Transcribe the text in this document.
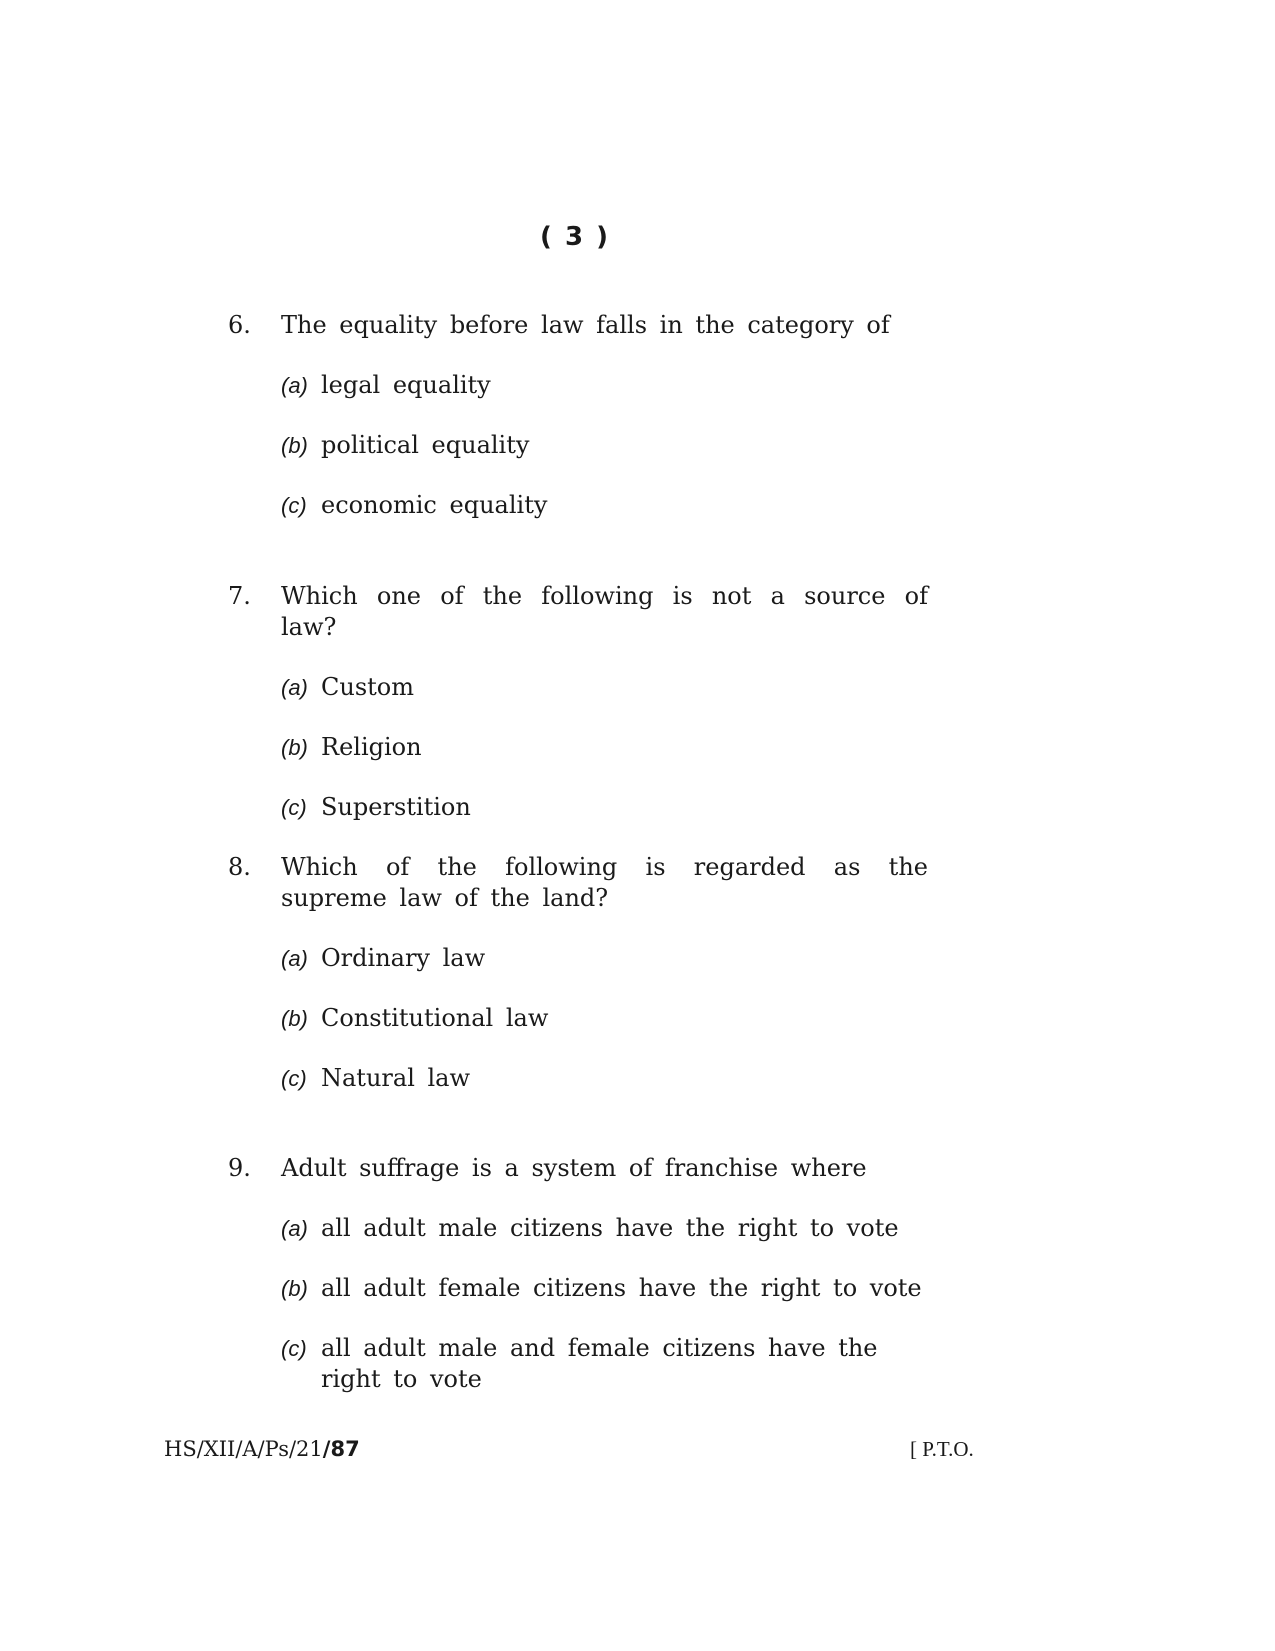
( 3 )
6.	The equality before law falls in the category of
(a) legal equality
(b) political equality
(c) economic equality
7.	Which one of the following is not a source of law?
(a) Custom
(b) Religion
(c) Superstition
8.	Which of the following is regarded as the supreme law of the land?
(a) Ordinary law
(b) Constitutional law
(c) Natural law
9.	Adult suffrage is a system of franchise where
(a) all adult male citizens have the right to vote
(b) all adult female citizens have the right to vote
(c) all adult male and female citizens have the right to vote
HS/XII/A/Ps/21/87	[ P.T.O.
